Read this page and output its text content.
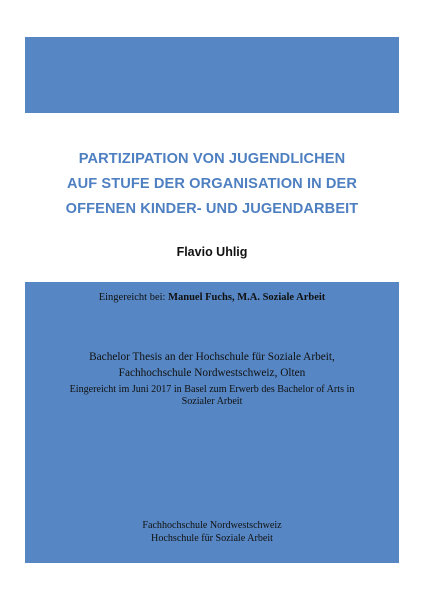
PARTIZIPATION VON JUGENDLICHEN
AUF STUFE DER ORGANISATION IN DER
OFFENEN KINDER- UND JUGENDARBEIT
Flavio Uhlig
Eingereicht bei: Manuel Fuchs, M.A. Soziale Arbeit
Bachelor Thesis an der Hochschule für Soziale Arbeit,
Fachhochschule Nordwestschweiz, Olten
Eingereicht im Juni 2017 in Basel zum Erwerb des Bachelor of Arts in
Sozialer Arbeit
Fachhochschule Nordwestschweiz
Hochschule für Soziale Arbeit
